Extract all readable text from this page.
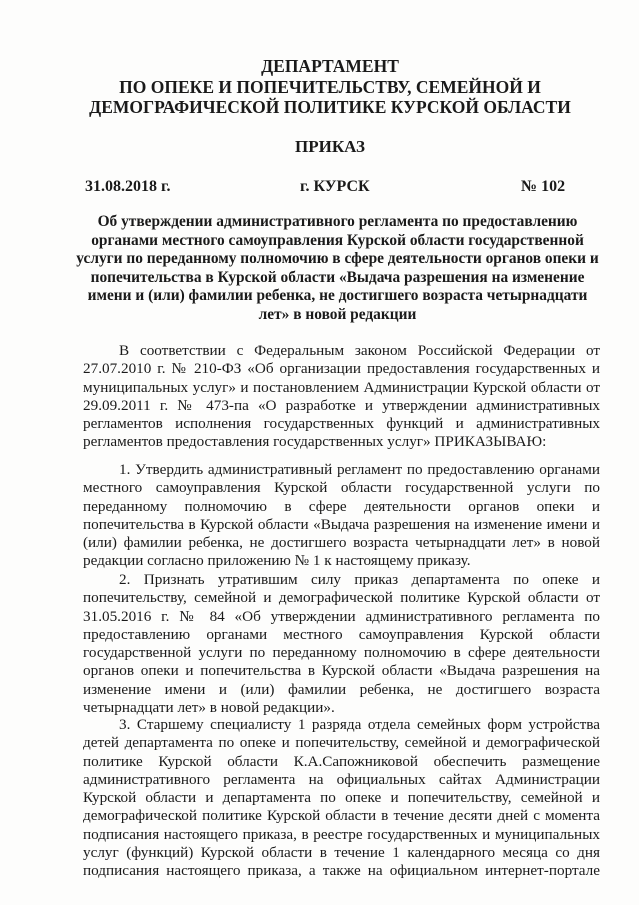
ДЕПАРТАМЕНТ
ПО ОПЕКЕ И ПОПЕЧИТЕЛЬСТВУ, СЕМЕЙНОЙ И
ДЕМОГРАФИЧЕСКОЙ ПОЛИТИКЕ КУРСКОЙ ОБЛАСТИ
ПРИКАЗ
31.08.2018 г.	г. КУРСК	№ 102
Об утверждении административного регламента по предоставлению
органами местного самоуправления Курской области государственной
услуги по переданному полномочию в сфере деятельности органов опеки и
попечительства в Курской области «Выдача разрешения на изменение
имени и (или) фамилии ребенка, не достигшего возраста четырнадцати
лет» в новой редакции
В соответствии с Федеральным законом Российской Федерации от
27.07.2010 г. № 210-ФЗ «Об организации предоставления государственных и
муниципальных услуг» и постановлением Администрации Курской области от
29.09.2011 г. № 473-па «О разработке и утверждении административных
регламентов исполнения государственных функций и административных
регламентов предоставления государственных услуг» ПРИКАЗЫВАЮ:
1. Утвердить административный регламент по предоставлению органами
местного самоуправления Курской области государственной услуги по
переданному полномочию в сфере деятельности органов опеки и
попечительства в Курской области «Выдача разрешения на изменение имени и
(или) фамилии ребенка, не достигшего возраста четырнадцати лет» в новой
редакции согласно приложению № 1 к настоящему приказу.
2. Признать утратившим силу приказ департамента по опеке и
попечительству, семейной и демографической политике Курской области от
31.05.2016 г. № 84 «Об утверждении административного регламента по
предоставлению органами местного самоуправления Курской области
государственной услуги по переданному полномочию в сфере деятельности
органов опеки и попечительства в Курской области «Выдача разрешения на
изменение имени и (или) фамилии ребенка, не достигшего возраста
четырнадцати лет» в новой редакции».
3. Старшему специалисту 1 разряда отдела семейных форм устройства
детей департамента по опеке и попечительству, семейной и демографической
политике Курской области К.А.Сапожниковой обеспечить размещение
административного регламента на официальных сайтах Администрации
Курской области и департамента по опеке и попечительству, семейной и
демографической политике Курской области в течение десяти дней с момента
подписания настоящего приказа, в реестре государственных и муниципальных
услуг (функций) Курской области в течение 1 календарного месяца со дня
подписания настоящего приказа, а также на официальном интернет-портале
